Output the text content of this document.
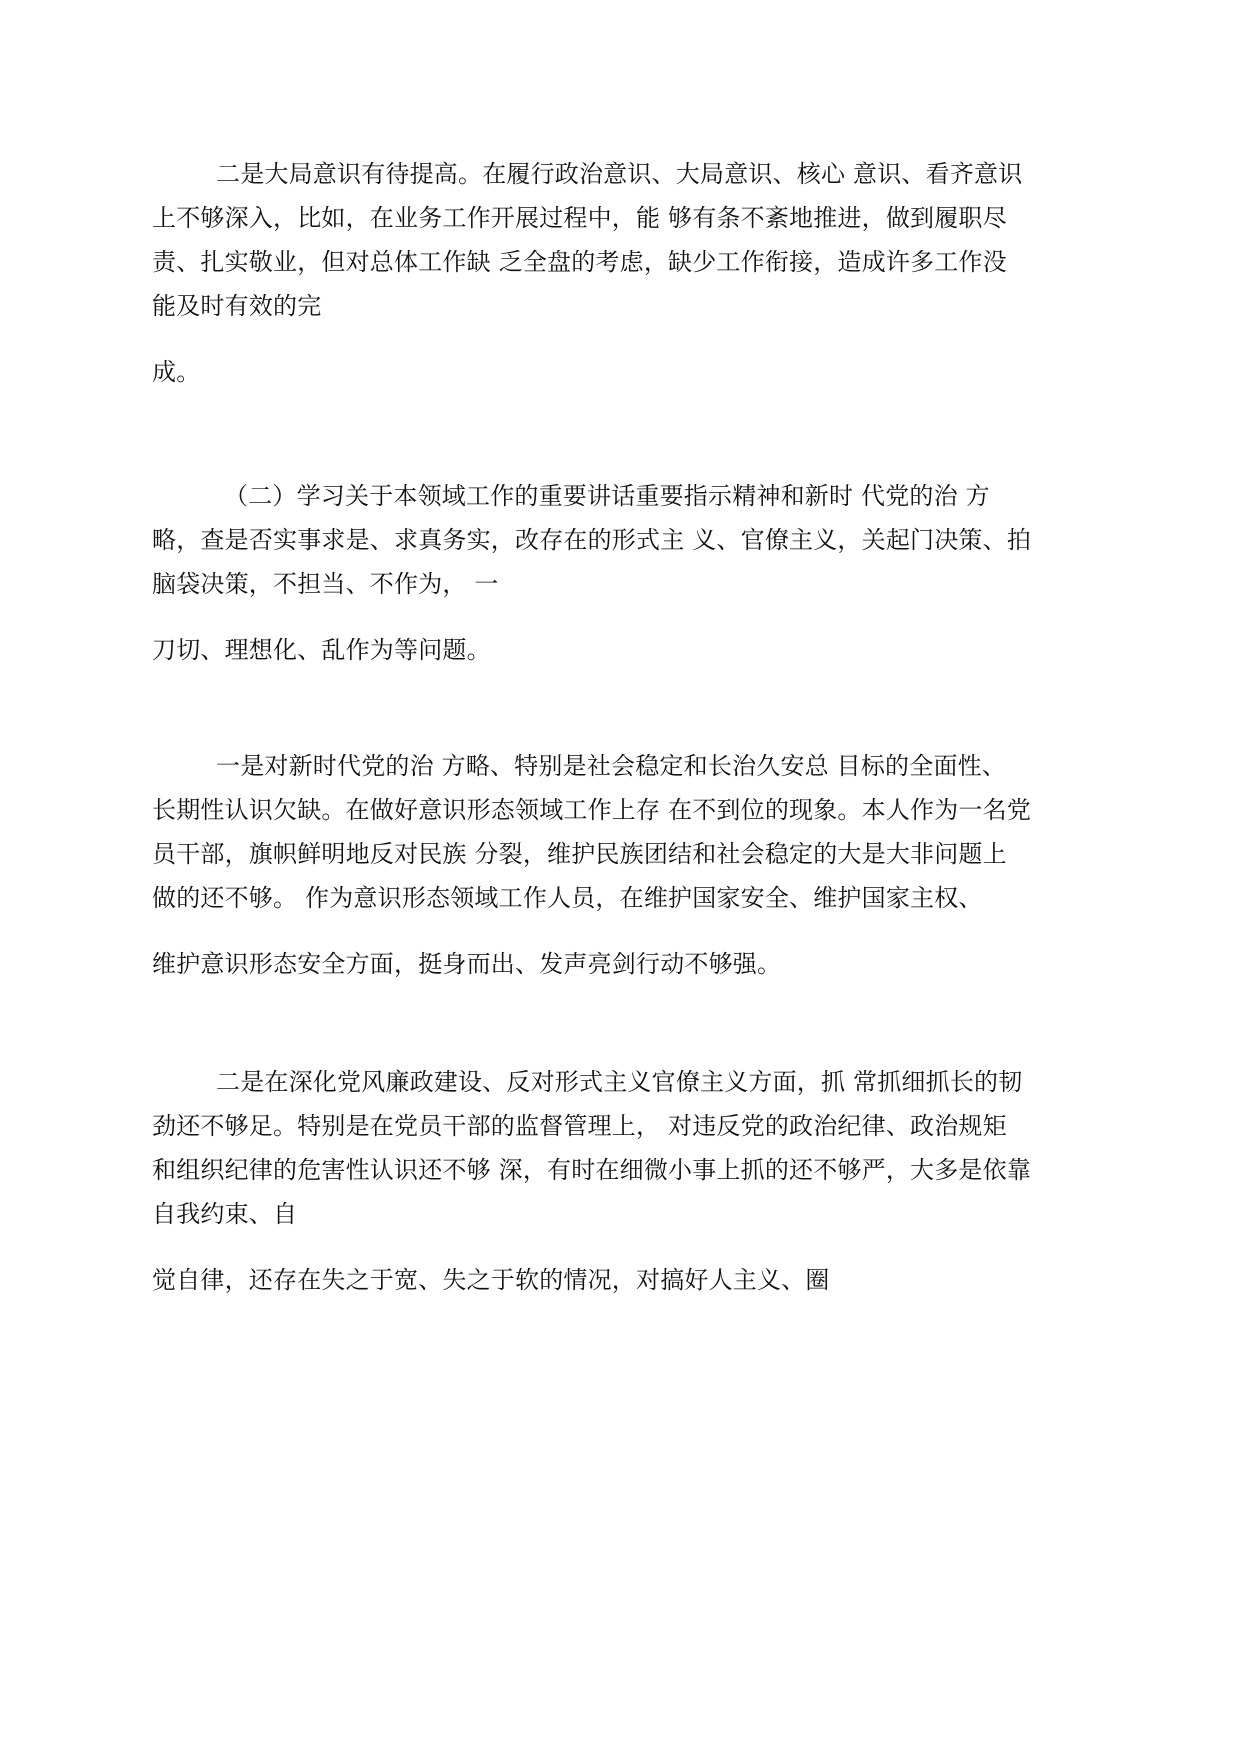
二是大局意识有待提高。在履行政治意识、大局意识、核心 意识、看齐意识
上不够深入，比如，在业务工作开展过程中，能 够有条不紊地推进，做到履职尽
责、扎实敬业，但对总体工作缺 乏全盘的考虑，缺少工作衔接，造成许多工作没
能及时有效的完
成。
（二）学习关于本领域工作的重要讲话重要指示精神和新时 代党的治 方
略，查是否实事求是、求真务实，改存在的形式主 义、官僚主义，关起门决策、拍
脑袋决策，不担当、不作为， 一
刀切、理想化、乱作为等问题。
一是对新时代党的治 方略、特别是社会稳定和长治久安总 目标的全面性、
长期性认识欠缺。在做好意识形态领域工作上存 在不到位的现象。本人作为一名党
员干部，旗帜鲜明地反对民族 分裂，维护民族团结和社会稳定的大是大非问题上
做的还不够。 作为意识形态领域工作人员，在维护国家安全、维护国家主权、
维护意识形态安全方面，挺身而出、发声亮剑行动不够强。
二是在深化党风廉政建设、反对形式主义官僚主义方面，抓 常抓细抓长的韧
劲还不够足。特别是在党员干部的监督管理上， 对违反党的政治纪律、政治规矩
和组织纪律的危害性认识还不够 深，有时在细微小事上抓的还不够严，大多是依靠
自我约束、自
觉自律，还存在失之于宽、失之于软的情况，对搞好人主义、圈
